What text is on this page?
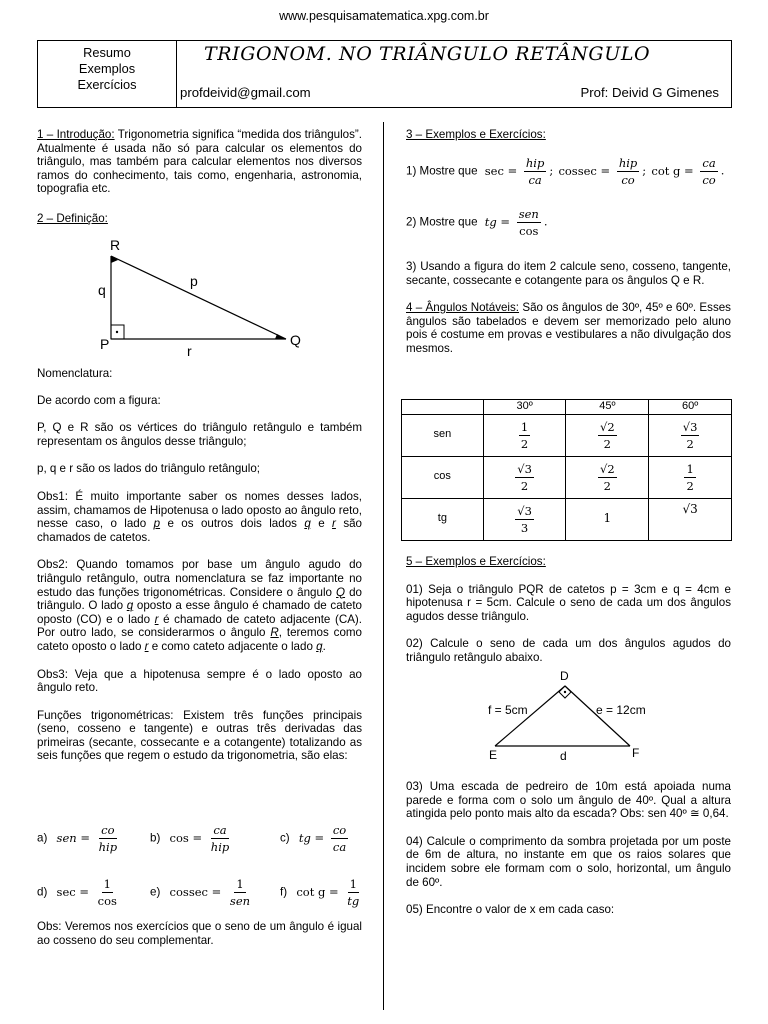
www.pesquisamatematica.xpg.com.br
Resumo
Exemplos
Exercícios
TRIGONOM. NO TRIÂNGULO RETÂNGULO
profdeivid@gmail.com	Prof: Deivid G Gimenes

1 – Introdução: Trigonometria significa “medida dos triângulos”. Atualmente é usada não só para calcular os elementos do triângulo, mas também para calcular elementos nos diversos ramos do conhecimento, tais como, engenharia, astronomia, topografia etc.

2 – Definição:
R
Q
P
p
q
r

Nomenclatura:

De acordo com a figura:

P, Q e R são os vértices do triângulo retângulo e também representam os ângulos desse triângulo;

p, q e r são os lados do triângulo retângulo;

Obs1: É muito importante saber os nomes desses lados, assim, chamamos de Hipotenusa o lado oposto ao ângulo reto, nesse caso, o lado p e os outros dois lados q e r são chamados de catetos.

Obs2: Quando tomamos por base um ângulo agudo do triângulo retângulo, outra nomenclatura se faz importante no estudo das funções trigonométricas. Considere o ângulo Q do triângulo. O lado q oposto a esse ângulo é chamado de cateto oposto (CO) e o lado r é chamado de cateto adjacente (CA). Por outro lado, se considerarmos o ângulo R, teremos como cateto oposto o lado r e como cateto adjacente o lado q.

Obs3: Veja que a hipotenusa sempre é o lado oposto ao ângulo reto.

Funções trigonométricas: Existem três funções principais (seno, cosseno e tangente) e outras três derivadas das primeiras (secante, cossecante e a cotangente) totalizando as seis funções que regem o estudo da trigonometria, são elas:

a) sen = $\frac{co}{\text{hip}}$	b) $\cos = \frac{ca}{\text{hip}}$	c) tg = $\frac{co}{ca}$
d) $\sec = \frac{1}{\cos}$	e) $cossec = \frac{1}{\text{sen}} f$) $\cot g = \frac{1}{tg}$

Obs: Veremos nos exercícios que o seno de um ângulo é igual ao cosseno do seu complementar.

3 – Exemplos e Exercícios:
1) Mostre que $\sec = \frac{\text{hip}}{ca}$ ; $cossec = \frac{\text{hip}}{co}$ ; $\cot g = \frac{ca}{co}$ .
2) Mostre que tg = $\frac{\text{sen}}{\cos}$ .

3) Usando a figura do item 2 calcule seno, cosseno, tangente, secante, cossecante e cotangente para os ângulos Q e R.

4 – Ângulos Notáveis: São os ângulos de 30º, 45º e 60º. Esses ângulos são tabelados e devem ser memorizado pelo aluno pois é costume em provas e vestibulares a não divulgação dos mesmos.

	30º	45º	60º
sen	$\frac{1}{2}$	$\frac{√2}{2}$	$\frac{√3}{2}$

cos	$\frac{√3}{2}$	$\frac{√2}{2}$	$\frac{1}{2}$

tg	$\frac{√3}{3}$	1	√3

5 – Exemplos e Exercícios:

01) Seja o triângulo PQR de catetos p = 3cm e q = 4cm e hipotenusa r = 5cm. Calcule o seno de cada um dos ângulos agudos desse triângulo.

02) Calcule o seno de cada um dos ângulos agudos do triângulo retângulo abaixo.

D
E	F
f = 5cm	e = 12cm
d

03) Uma escada de pedreiro de 10m está apoiada numa parede e forma com o solo um ângulo de 40º. Qual a altura atingida pelo ponto mais alto da escada? Obs: sen 40º ≅ 0,64.

04) Calcule o comprimento da sombra projetada por um poste de 6m de altura, no instante em que os raios solares que incidem sobre ele formam com o solo, horizontal, um ângulo de 60º.

05) Encontre o valor de x em cada caso:
